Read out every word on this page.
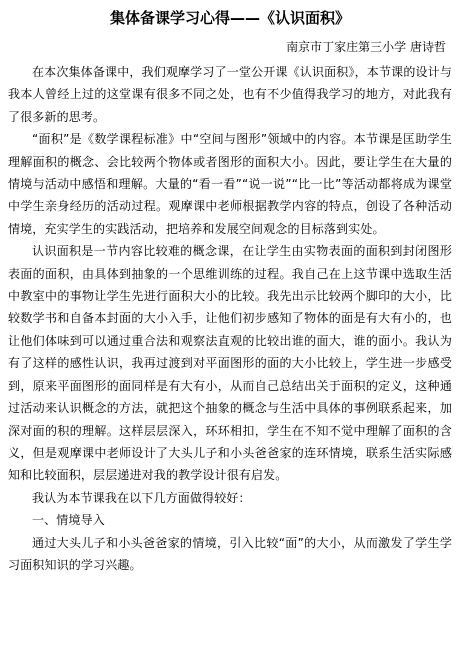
集体备课学习心得——《认识面积》
南京市丁家庄第三小学 唐诗哲

在本次集体备课中，我们观摩学习了一堂公开课《认识面积》，本节课的设计与我本人曾经上过的这堂课有很多不同之处，也有不少值得我学习的地方，对此我有了很多新的思考。

“面积”是《数学课程标准》中“空间与图形”领域中的内容。本节课是匡助学生理解面积的概念、会比较两个物体或者图形的面积大小。因此，要让学生在大量的情境与活动中感悟和理解。大量的“看一看”“说一说”“比一比”等活动都将成为课堂中学生亲身经历的活动过程。观摩课中老师根据教学内容的特点，创设了各种活动情境，充实学生的实践活动，把培养和发展空间观念的目标落到实处。

认识面积是一节内容比较难的概念课，在让学生由实物表面的面积到封闭图形表面的面积，由具体到抽象的一个思维训练的过程。我自己在上这节课中选取生活中教室中的事物让学生先进行面积大小的比较。我先出示比较两个脚印的大小，比较数学书和自备本封面的大小入手，让他们初步感知了物体的面是有大有小的，也让他们体味到可以通过重合法和观察法直观的比较出谁的面大，谁的面小。我认为有了这样的感性认识，我再过渡到对平面图形的面的大小比较上，学生进一步感受到，原来平面图形的面同样是有大有小，从而自己总结出关于面积的定义，这种通过活动来认识概念的方法，就把这个抽象的概念与生活中具体的事例联系起来，加深对面的积的理解。这样层层深入，环环相扣，学生在不知不觉中理解了面积的含义，但是观摩课中老师设计了大头儿子和小头爸爸家的连环情境，联系生活实际感知和比较面积，层层递进对我的教学设计很有启发。

我认为本节课我在以下几方面做得较好：

一、情境导入

通过大头儿子和小头爸爸家的情境，引入比较“面”的大小，从而激发了学生学习面积知识的学习兴趣。
